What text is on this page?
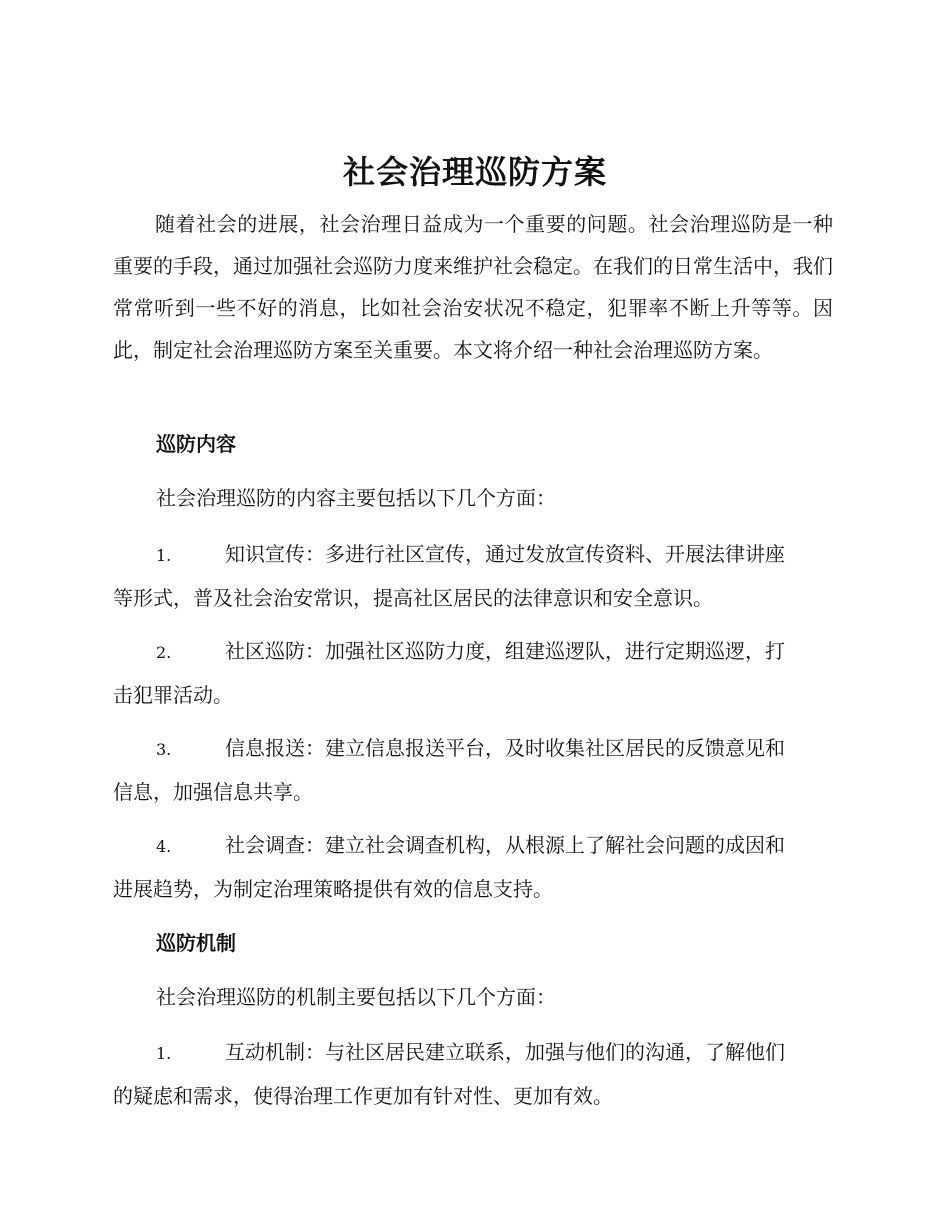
社会治理巡防方案
随着社会的进展，社会治理日益成为一个重要的问题。社会治理巡防是一种重要的手段，通过加强社会巡防力度来维护社会稳定。在我们的日常生活中，我们常常听到一些不好的消息，比如社会治安状况不稳定，犯罪率不断上升等等。因此，制定社会治理巡防方案至关重要。本文将介绍一种社会治理巡防方案。
巡防内容
社会治理巡防的内容主要包括以下几个方面：
1.	知识宣传：多进行社区宣传，通过发放宣传资料、开展法律讲座
等形式，普及社会治安常识，提高社区居民的法律意识和安全意识。
2.	社区巡防：加强社区巡防力度，组建巡逻队，进行定期巡逻，打
击犯罪活动。
3.	信息报送：建立信息报送平台，及时收集社区居民的反馈意见和
信息，加强信息共享。
4.	社会调查：建立社会调查机构，从根源上了解社会问题的成因和
进展趋势，为制定治理策略提供有效的信息支持。
巡防机制
社会治理巡防的机制主要包括以下几个方面：
1.	互动机制：与社区居民建立联系，加强与他们的沟通，了解他们
的疑虑和需求，使得治理工作更加有针对性、更加有效。
